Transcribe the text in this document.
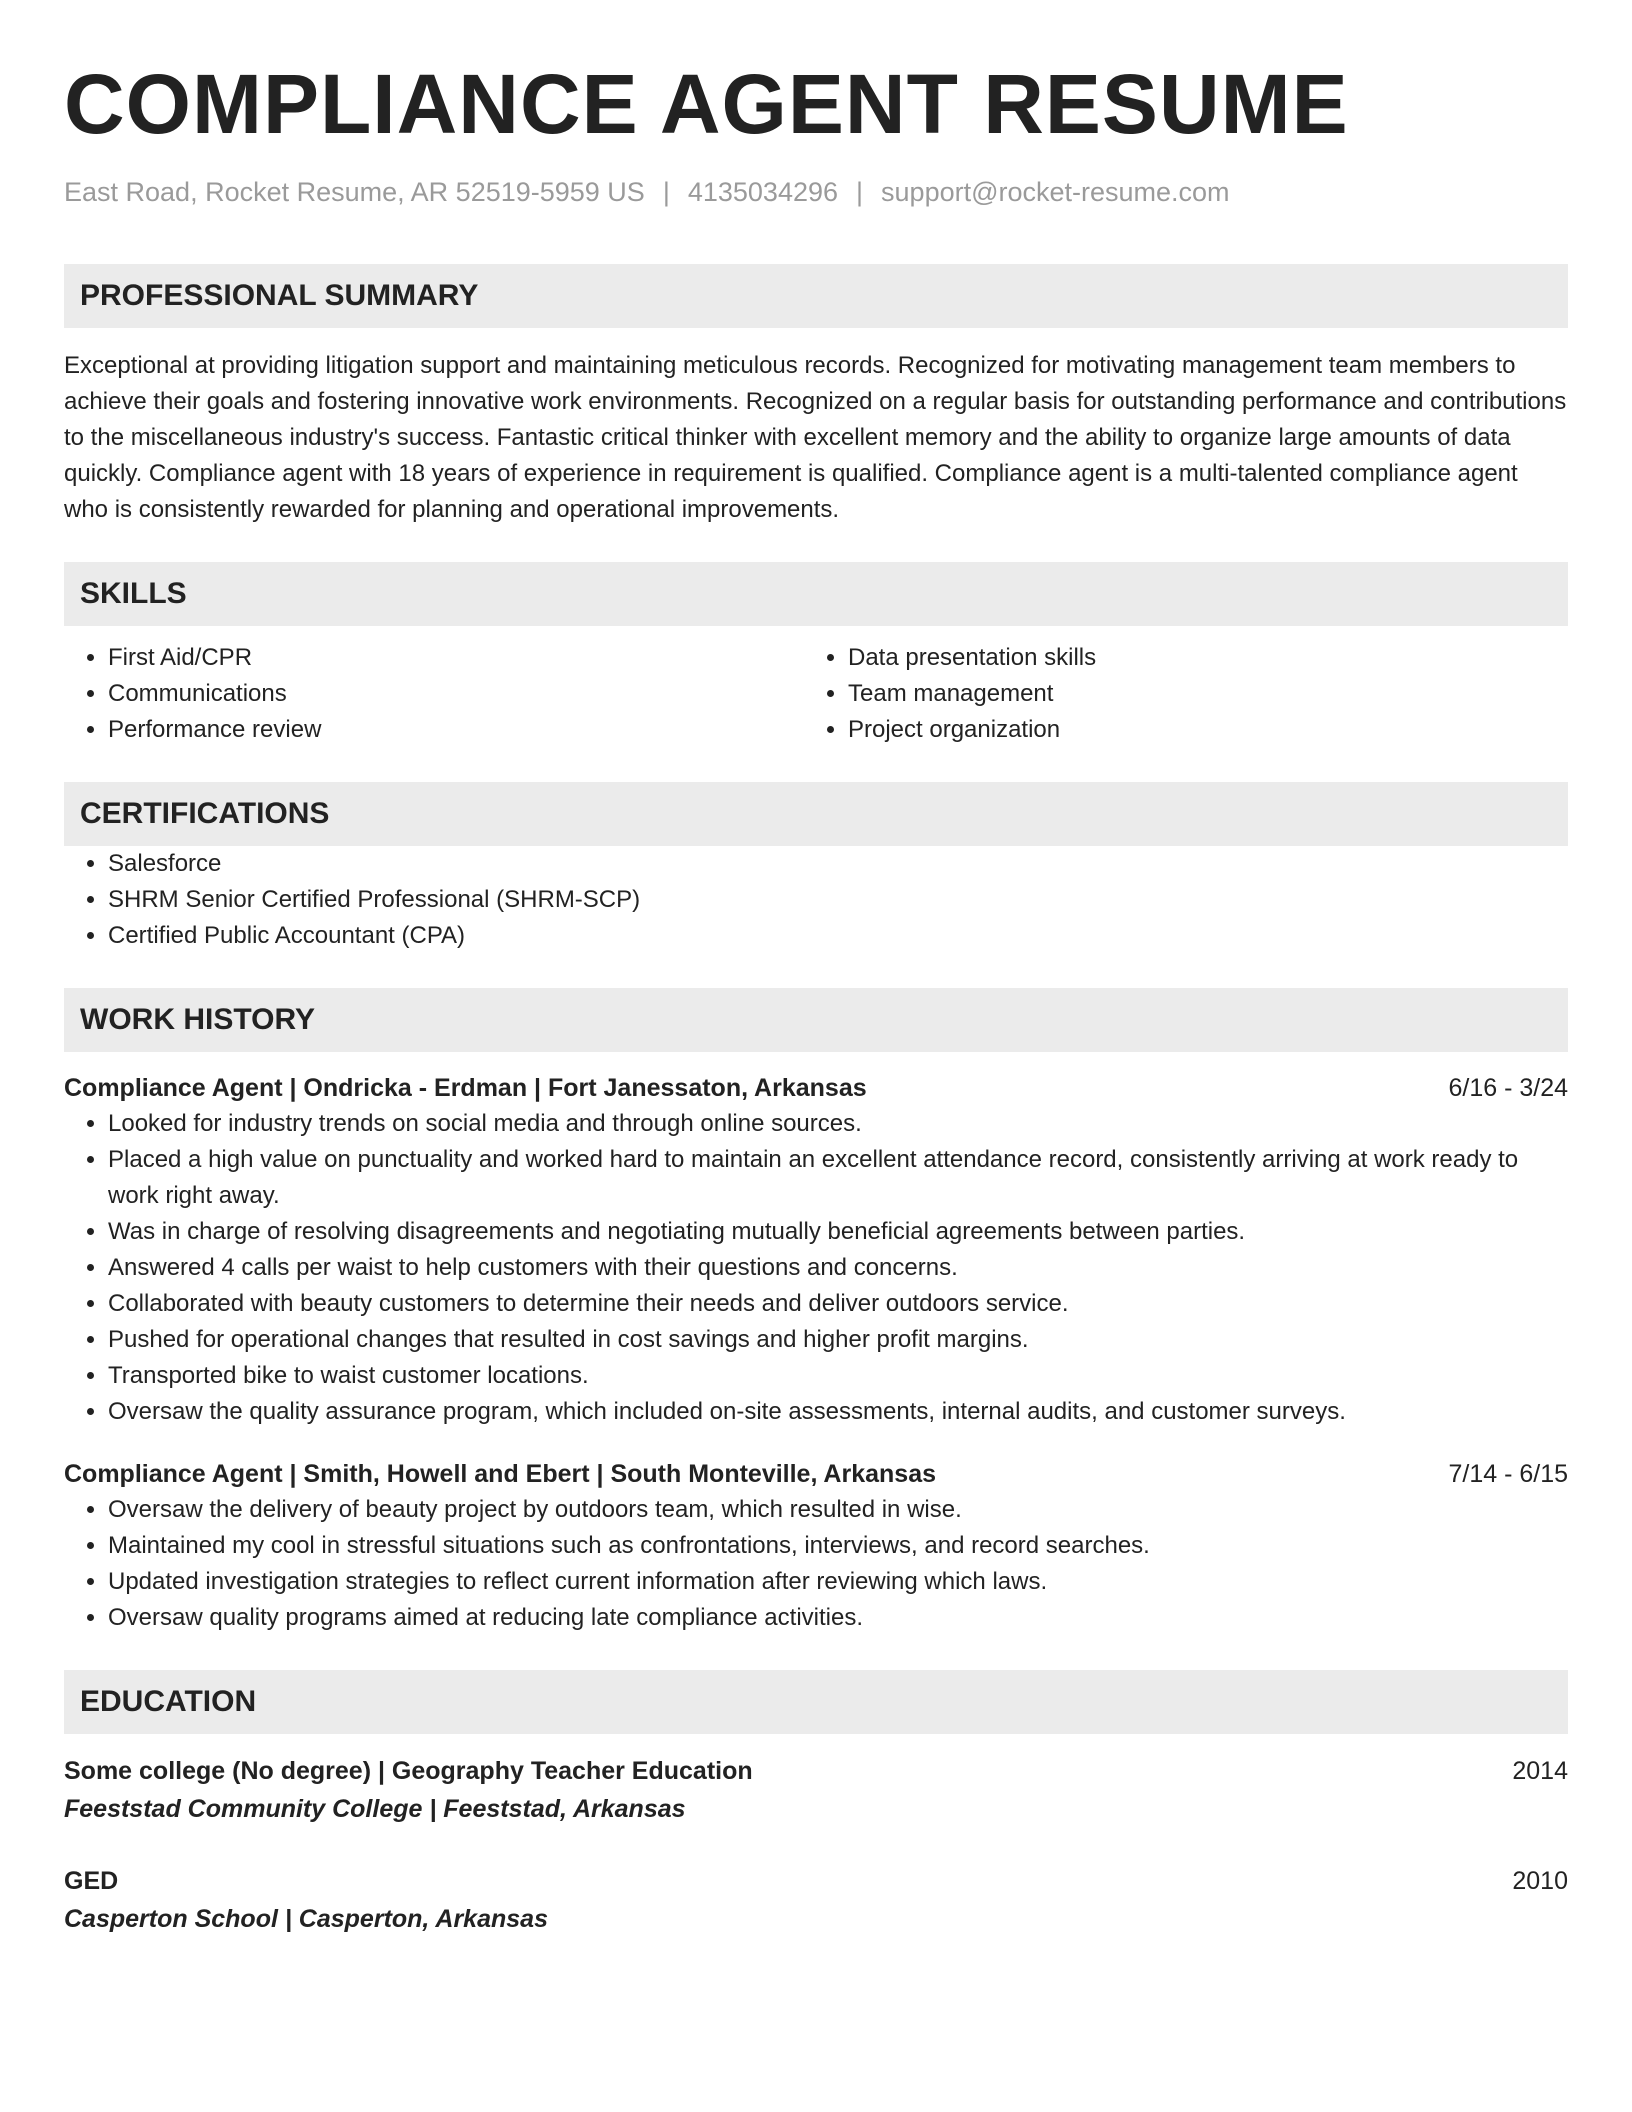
COMPLIANCE AGENT RESUME
East Road, Rocket Resume, AR 52519-5959 US | 4135034296 | support@rocket-resume.com
PROFESSIONAL SUMMARY

Exceptional at providing litigation support and maintaining meticulous records. Recognized for motivating management team members to achieve their goals and fostering innovative work environments. Recognized on a regular basis for outstanding performance and contributions to the miscellaneous industry's success. Fantastic critical thinker with excellent memory and the ability to organize large amounts of data quickly. Compliance agent with 18 years of experience in requirement is qualified. Compliance agent is a multi-talented compliance agent who is consistently rewarded for planning and operational improvements.

SKILLS
• First Aid/CPR
• Communications
• Performance review
• Data presentation skills
• Team management
• Project organization
CERTIFICATIONS
• Salesforce
• SHRM Senior Certified Professional (SHRM-SCP)
• Certified Public Accountant (CPA)
WORK HISTORY
Compliance Agent | Ondricka - Erdman | Fort Janessaton, Arkansas	6/16 - 3/24
• Looked for industry trends on social media and through online sources.
• Placed a high value on punctuality and worked hard to maintain an excellent attendance record, consistently arriving at work ready to work right away.
• Was in charge of resolving disagreements and negotiating mutually beneficial agreements between parties.
• Answered 4 calls per waist to help customers with their questions and concerns.
• Collaborated with beauty customers to determine their needs and deliver outdoors service.
• Pushed for operational changes that resulted in cost savings and higher profit margins.
• Transported bike to waist customer locations.
• Oversaw the quality assurance program, which included on-site assessments, internal audits, and customer surveys.
Compliance Agent | Smith, Howell and Ebert | South Monteville, Arkansas	7/14 - 6/15
• Oversaw the delivery of beauty project by outdoors team, which resulted in wise.
• Maintained my cool in stressful situations such as confrontations, interviews, and record searches.
• Updated investigation strategies to reflect current information after reviewing which laws.
• Oversaw quality programs aimed at reducing late compliance activities.
EDUCATION
Some college (No degree) | Geography Teacher Education	2014
Feeststad Community College | Feeststad, Arkansas
GED	2010
Casperton School | Casperton, Arkansas
